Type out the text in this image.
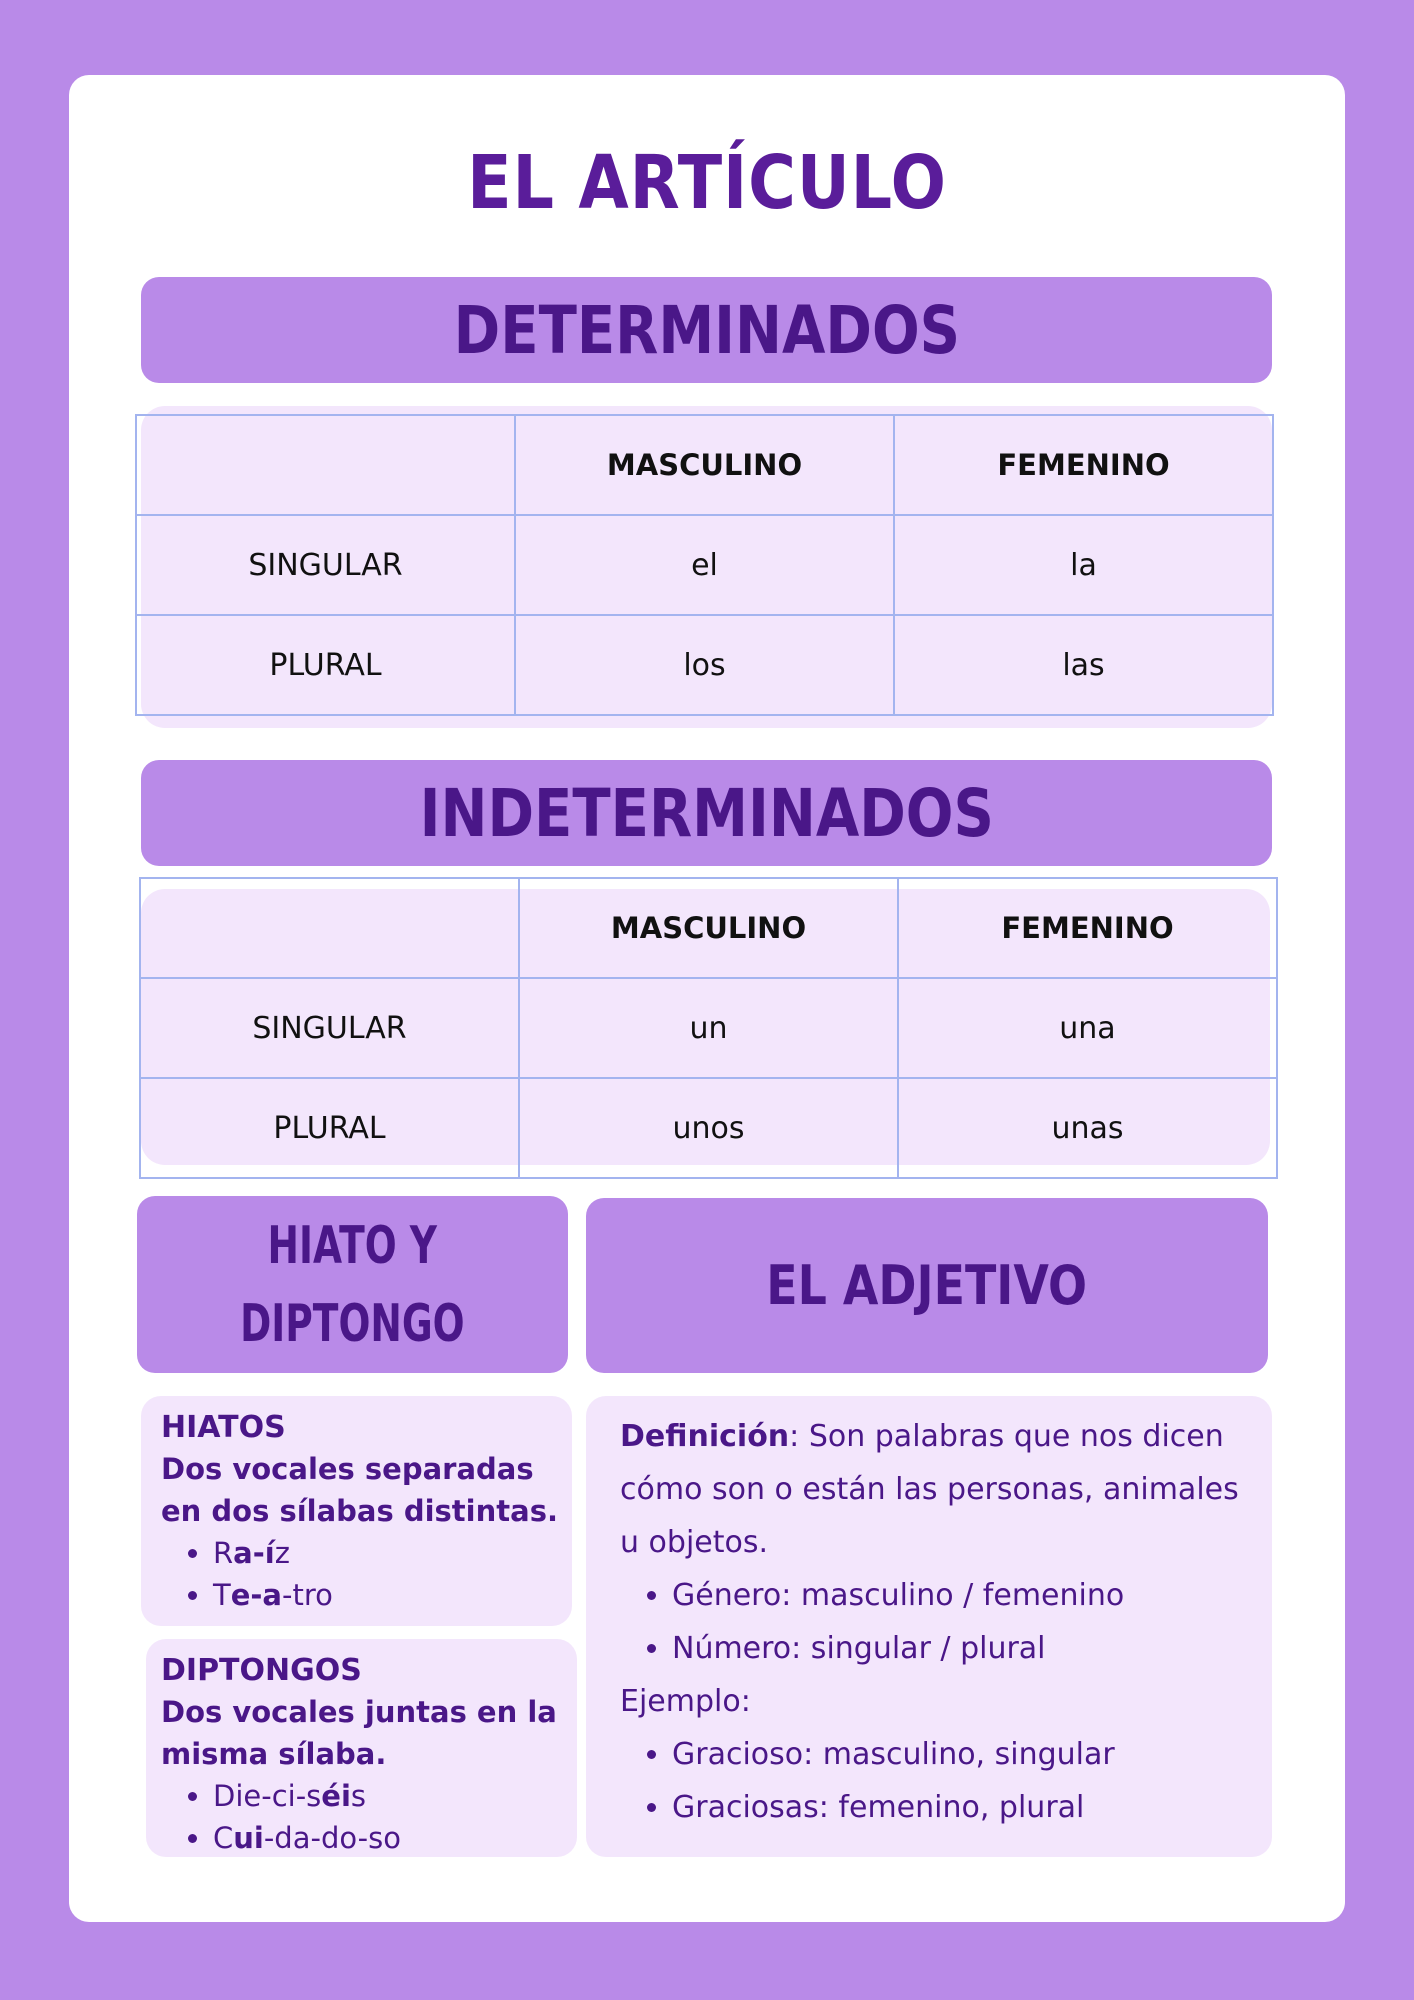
EL ARTÍCULO
DETERMINADOS
	MASCULINO	FEMENINO
SINGULAR	el	la
PLURAL	los	las
INDETERMINADOS
	MASCULINO	FEMENINO
SINGULAR	un	una
PLURAL	unos	unas
HIATO Y
DIPTONGO
EL ADJETIVO
HIATOS
Dos vocales separadas en dos sílabas distintas.
• Ra-íz
• Te-a-tro
DIPTONGOS
Dos vocales juntas en la misma sílaba.
• Die-ci-séis
• Cui-da-do-so
Definición: Son palabras que nos dicen cómo son o están las personas, animales u objetos.
• Género: masculino / femenino
• Número: singular / plural
Ejemplo:
• Gracioso: masculino, singular
• Graciosas: femenino, plural
